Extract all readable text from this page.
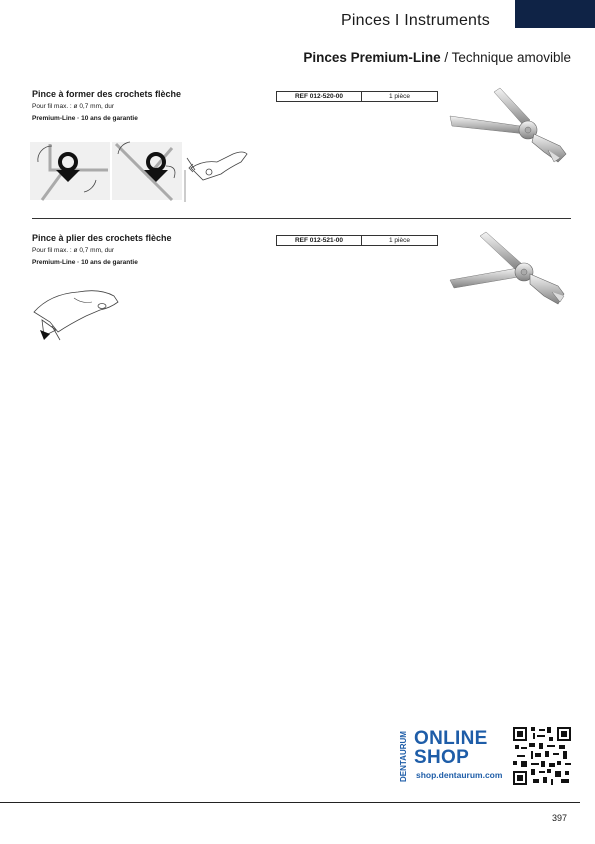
Pinces I Instruments
Pinces Premium-Line / Technique amovible
Pince à former des crochets flèche
Pour fil max. : ø 0,7 mm, dur
Premium-Line · 10 ans de garantie
REF 012-520-00	1 pièce
Pince à plier des crochets flèche
Pour fil max. : ø 0,7 mm, dur
Premium-Line · 10 ans de garantie
REF 012-521-00	1 pièce
DENTAURUM ONLINE
SHOP
shop.dentaurum.com
397
